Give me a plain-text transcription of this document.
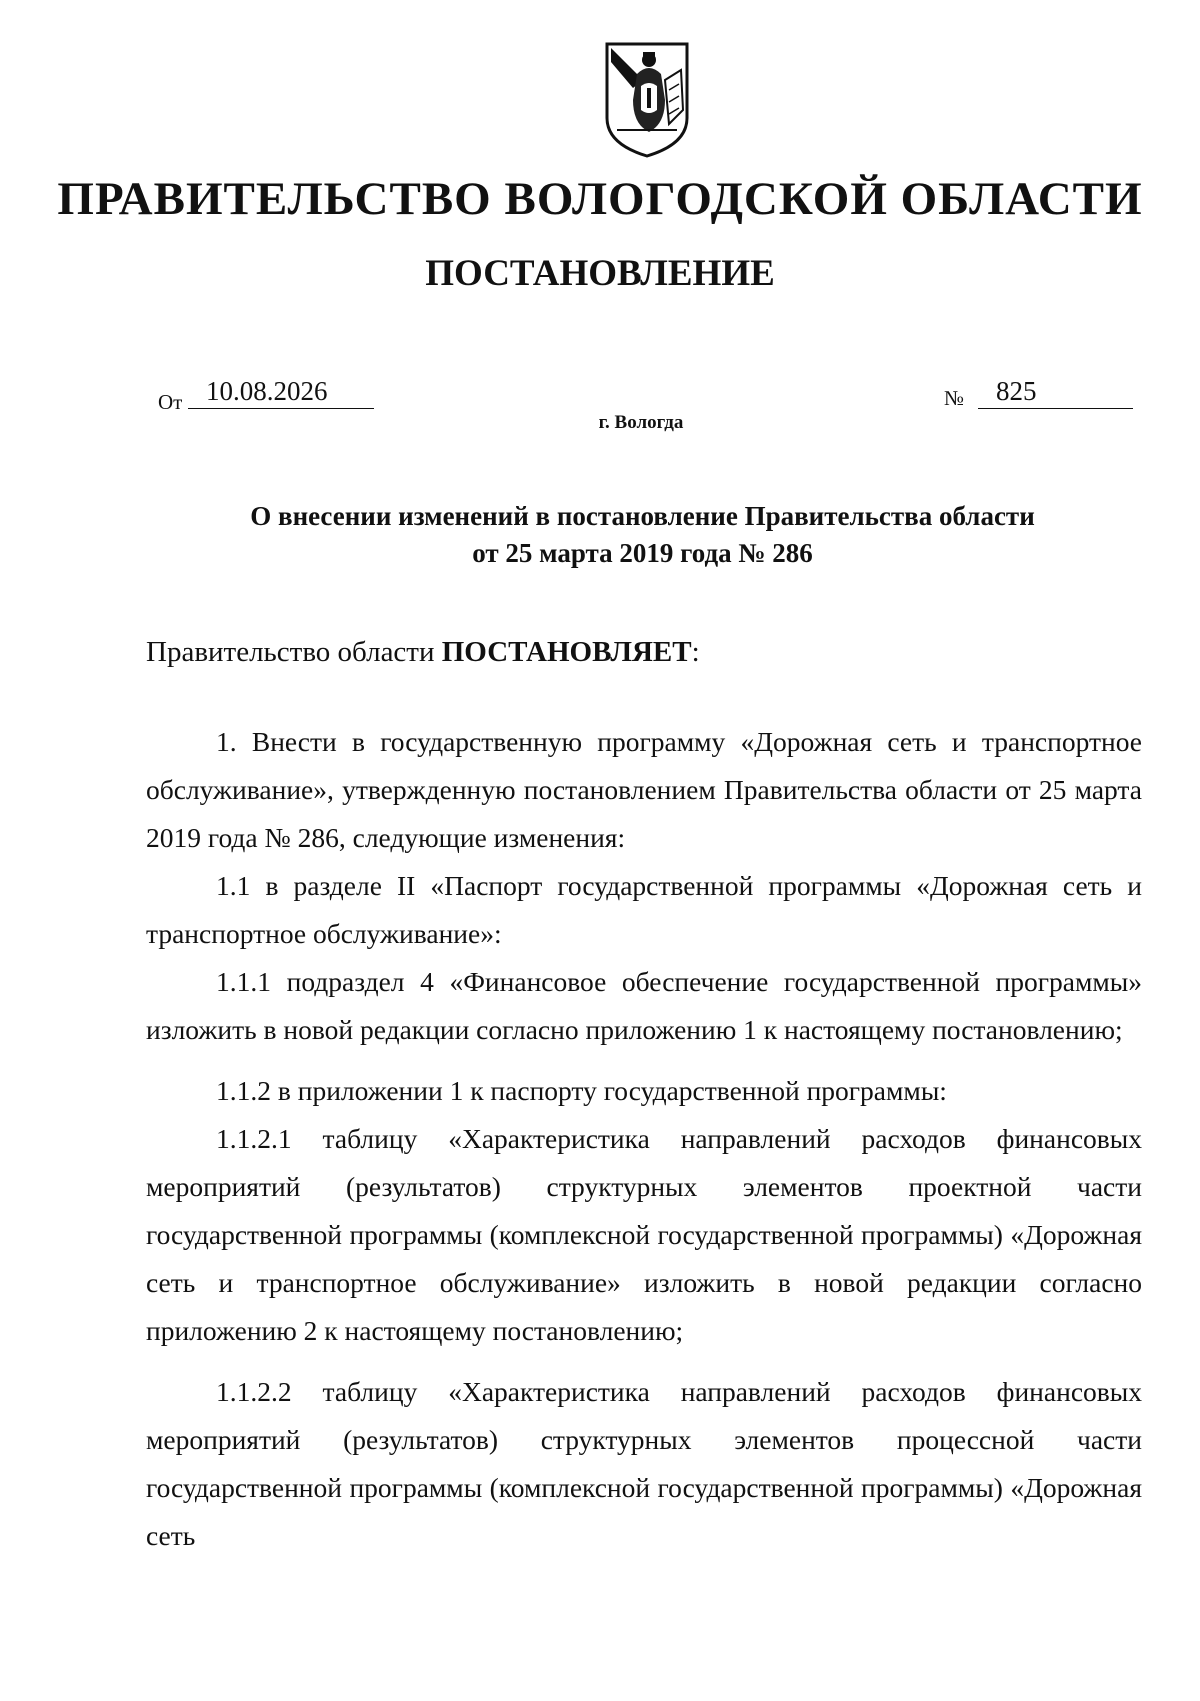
ПРАВИТЕЛЬСТВО ВОЛОГОДСКОЙ ОБЛАСТИ
ПОСТАНОВЛЕНИЕ
От 10.08.2026	№	825
г. Вологда
О внесении изменений в постановление Правительства области
от 25 марта 2019 года № 286

Правительство области ПОСТАНОВЛЯЕТ:

1. Внести в государственную программу «Дорожная сеть и транспортное обслуживание», утвержденную постановлением Правительства области от 25 марта 2019 года № 286, следующие изменения:

1.1 в разделе II «Паспорт государственной программы «Дорожная сеть и транспортное обслуживание»:

1.1.1 подраздел 4 «Финансовое обеспечение государственной программы» изложить в новой редакции согласно приложению 1 к настоящему постановлению;

1.1.2 в приложении 1 к паспорту государственной программы:

1.1.2.1 таблицу «Характеристика направлений расходов финансовых мероприятий (результатов) структурных элементов проектной части государственной программы (комплексной государственной программы) «Дорожная сеть и транспортное обслуживание» изложить в новой редакции согласно приложению 2 к настоящему постановлению;

1.1.2.2 таблицу «Характеристика направлений расходов финансовых мероприятий (результатов) структурных элементов процессной части государственной программы (комплексной государственной программы) «Дорожная сеть
